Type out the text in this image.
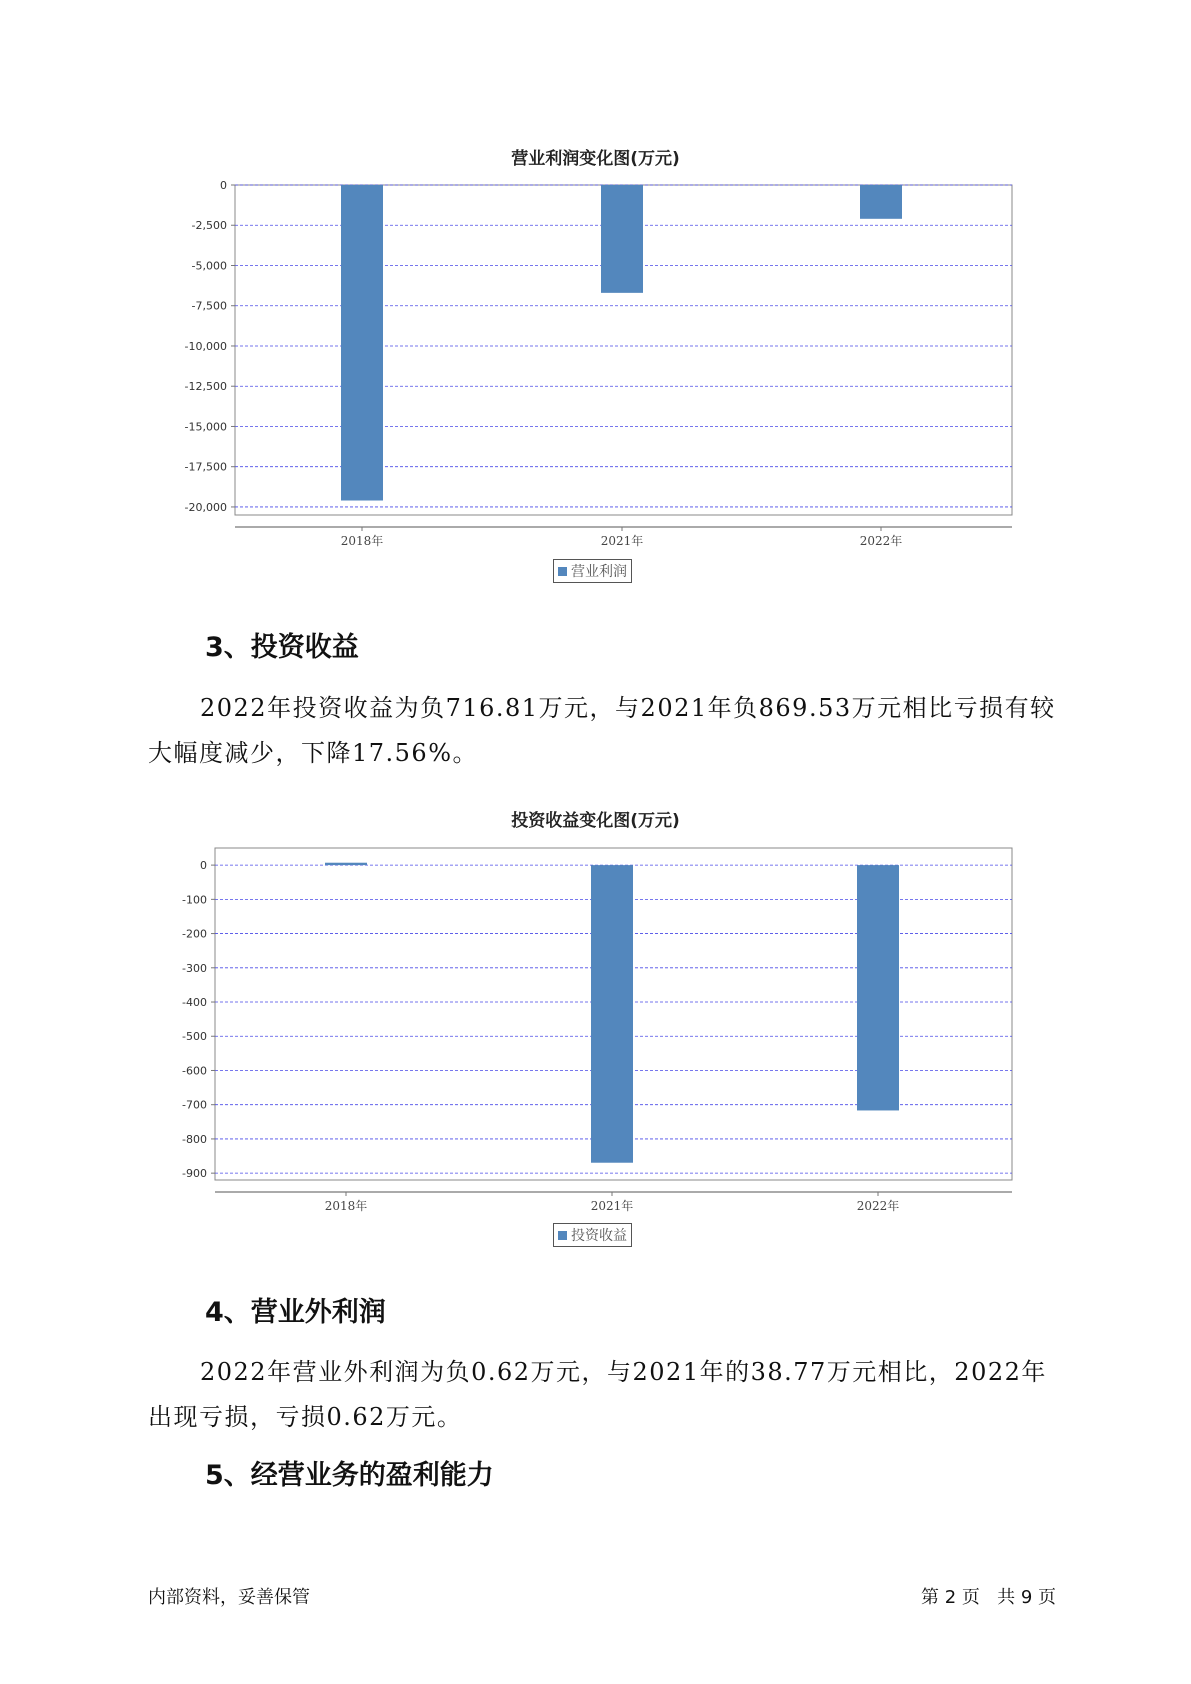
营业利润变化图(万元)
0
-2,500
-5,000
-7,500
-10,000
-12,500
-15,000
-17,500
-20,000
2018年	2021年	2022年
营业利润
3、投资收益
2022年投资收益为负716.81万元，与2021年负869.53万元相比亏损有较大幅度减少，下降17.56%。
投资收益变化图(万元)
0
-100
-200
-300
-400
-500
-600
-700
-800
-900
2018年	2021年	2022年
投资收益
4、营业外利润
2022年营业外利润为负0.62万元，与2021年的38.77万元相比，2022年出现亏损，亏损0.62万元。
5、经营业务的盈利能力
内部资料，妥善保管	第 2 页   共 9 页
